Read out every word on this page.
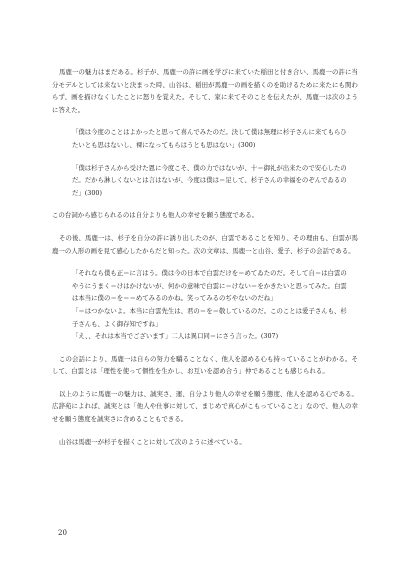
馬鹿一の魅力はまだある。杉子が、馬鹿一の許に画を学びに来ていた稲田と付き合い、馬鹿一の許に当分モデルとしては来ないと決まった時、山谷は、稲田が馬鹿一の画を描くのを助けるために来たにも関わらず、画を描けなくしたことに怒りを覚えた。そして、家に来てそのことを伝えたが、馬鹿一は次のように答えた。

「僕は今度のことはよかったと思って喜んでみたのだ。決して僕は無理に杉子さんに来てもらひたいとも思はないし、裸になってもらはうとも思はない」(300)

「僕は杉子さんから受けた恩に今度こそ、僕の力ではないが、十＝御礼が出来たので安心したのだ。だから淋しくないとは言はないが、今度は僕は＝足して、杉子さんの幸福をのぞんでゐるのだ」(300)

この台詞から感じられるのは自分よりも他人の幸せを願う態度である。

その後、馬鹿一は、杉子を自分の許に誘り出したのが、白雲であることを知り、その理由も、白雲が馬鹿一の人形の画を見て感心したからだと知った。次の文章は、馬鹿一と山谷、愛子、杉子の会話である。

「それなら僕も正＝に言はう。僕は今の日本で白雲だけを＝めてゐたのだ。そして自＝は白雲のやうにうまく＝けはかけないが、何かの意味で白雲に＝けない＝をかきたいと思ってみた。白雲は本当に僕の＝を＝＝めてみるのかね。笑ってみるのぢやないのだね」

「＝はつかないよ。本当に白雲先生は、君の＝を＝敬しているのだ。このことは愛子さんも、杉子さんも、よく御存知ですね」

「え、、それは本当でございます」二人は異口同＝にさう言った。(307)

この会話により、馬鹿一は自らの努力を驕ることなく、他人を認める心も持っていることがわかる。そして、白雲とは「理性を使って個性を生かし、お互いを認め合う」仲であることも感じられる。

以上のように馬鹿一の魅力は、誠実さ、運、自分より他人の幸せを願う態度、他人を認める心である。広辞苑によれば、誠実とは「他人や仕事に対して、まじめで真心がこもっていること」なので、他人の幸せを願う態度を誠実さに含めることもできる。

山谷は馬鹿一が杉子を描くことに対して次のように述べている。

20
